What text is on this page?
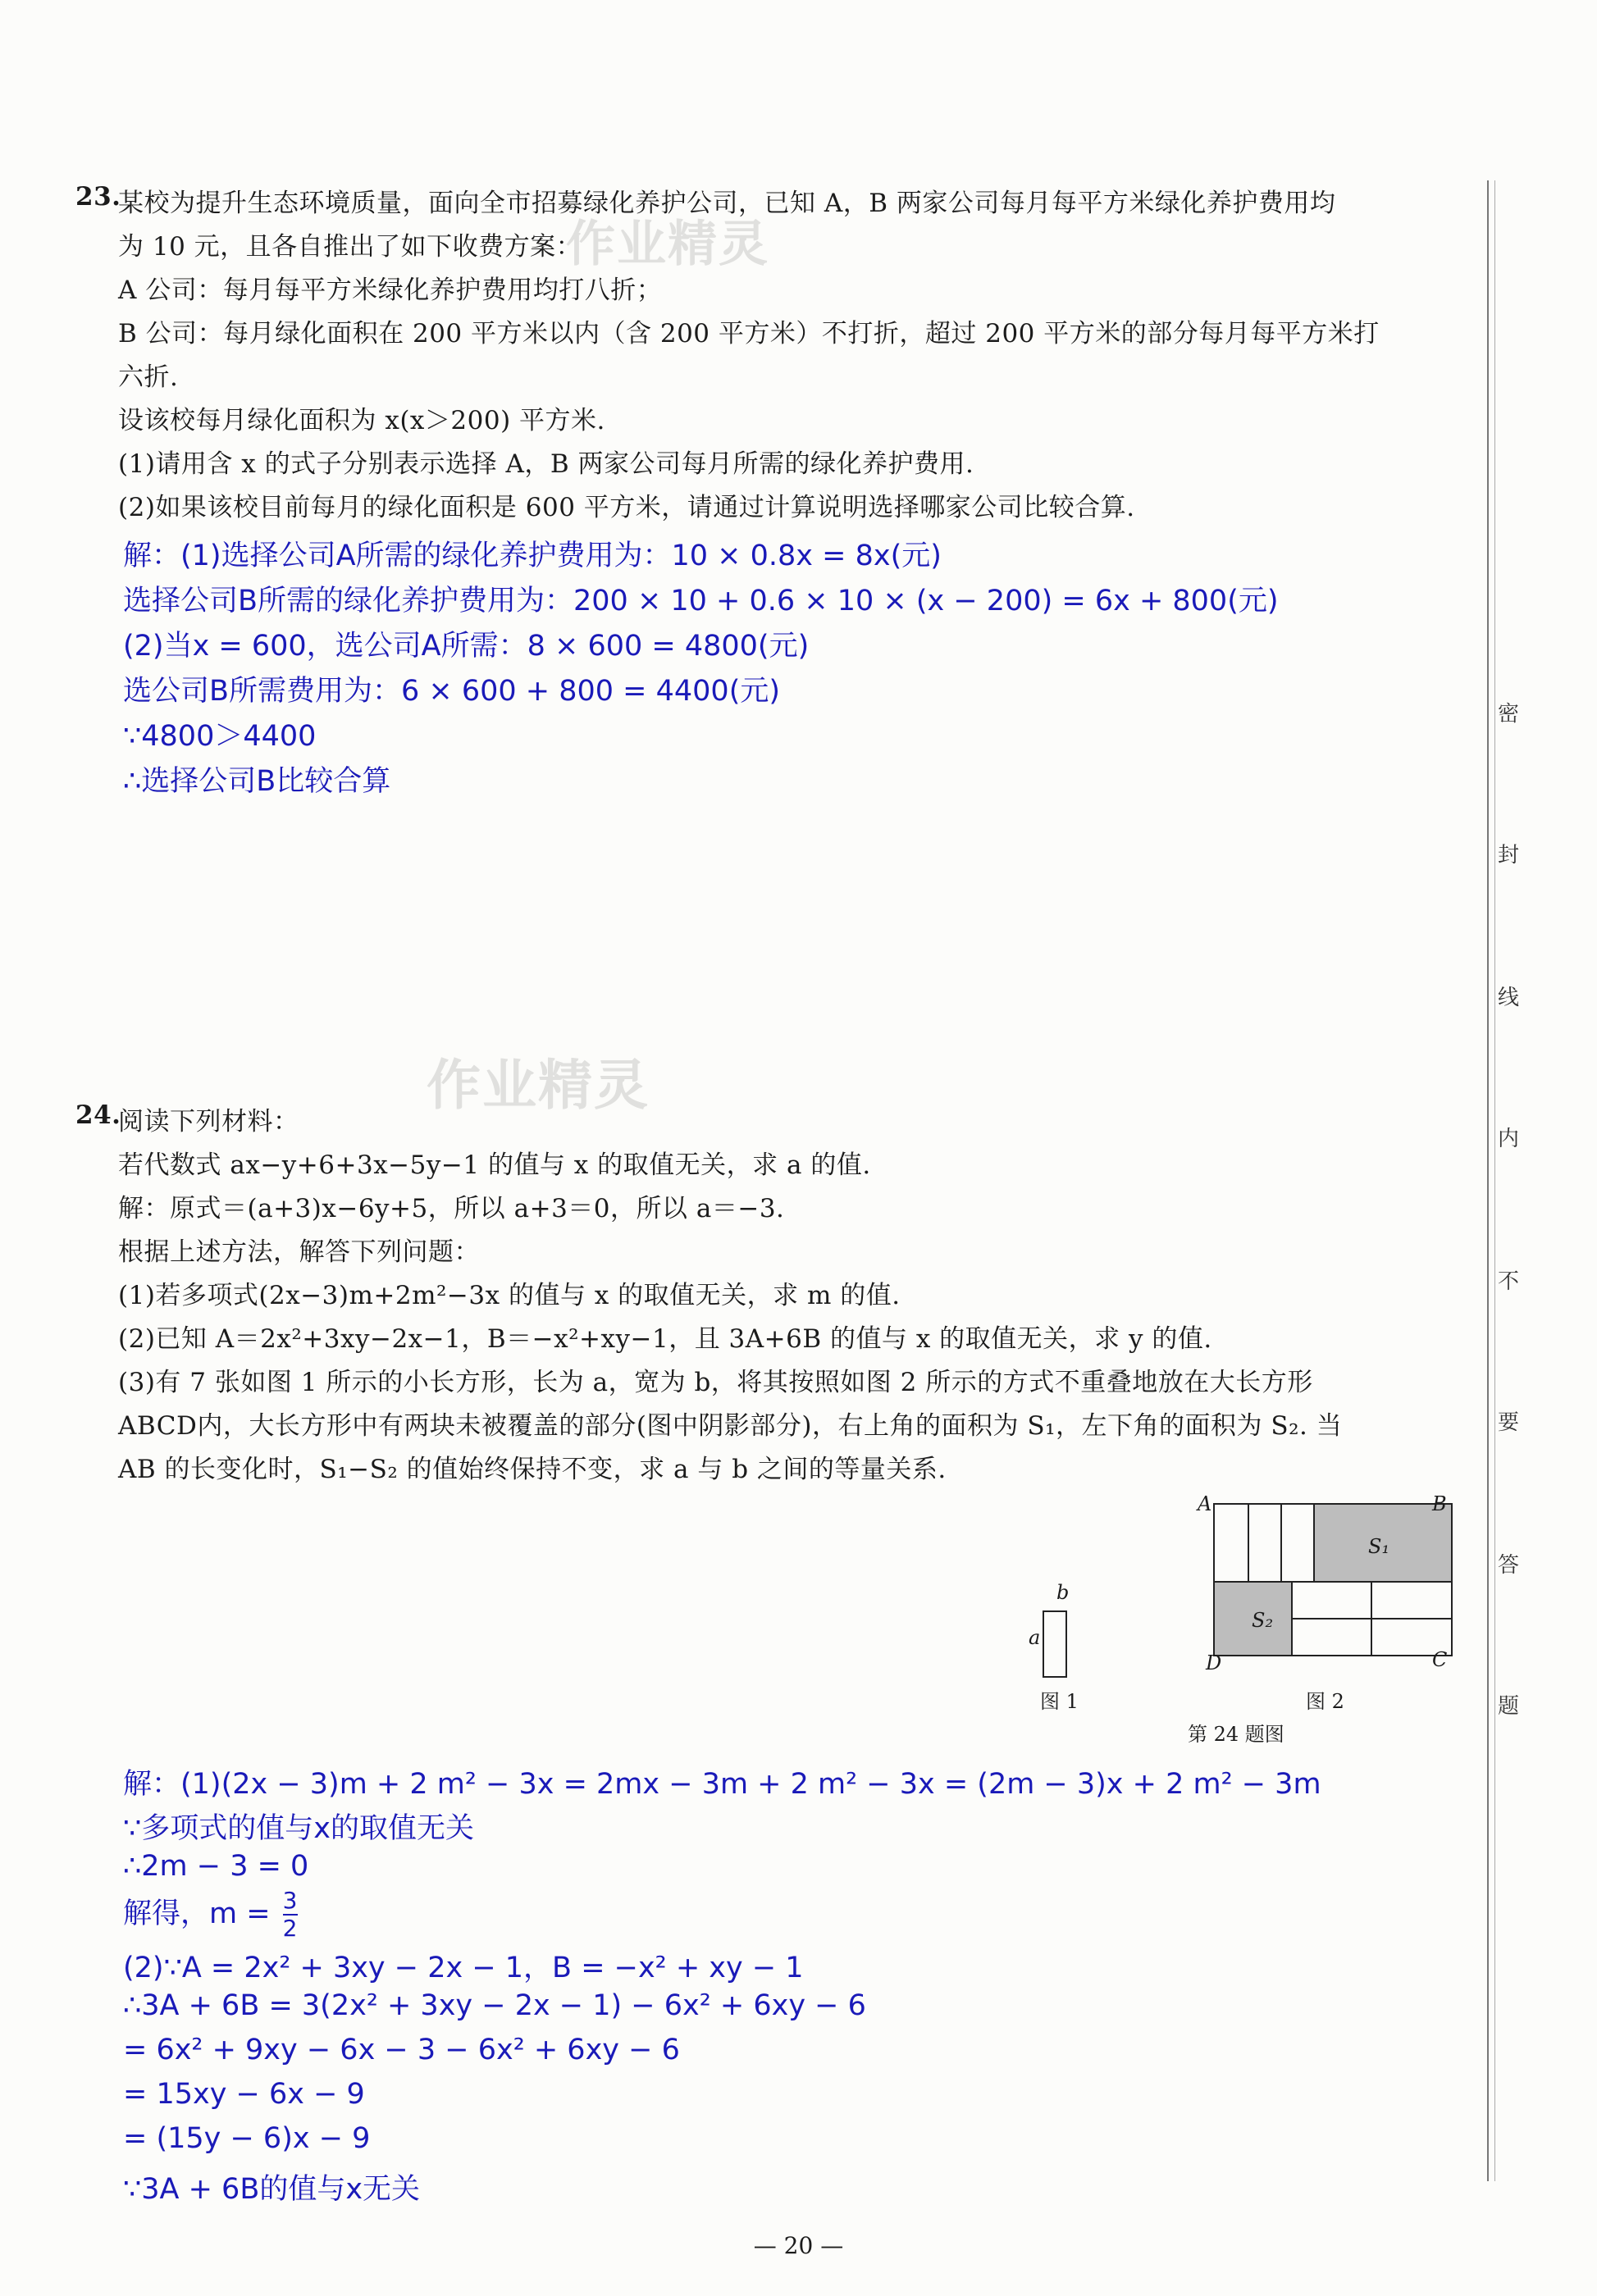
作业精灵
作业精灵
23.
某校为提升生态环境质量，面向全市招募绿化养护公司，已知 A，B 两家公司每月每平方米绿化养护费用均
为 10 元，且各自推出了如下收费方案：
A 公司：每月每平方米绿化养护费用均打八折；
B 公司：每月绿化面积在 200 平方米以内（含 200 平方米）不打折，超过 200 平方米的部分每月每平方米打
六折.
设该校每月绿化面积为 x(x＞200) 平方米.
(1)请用含 x 的式子分别表示选择 A，B 两家公司每月所需的绿化养护费用.
(2)如果该校目前每月的绿化面积是 600 平方米，请通过计算说明选择哪家公司比较合算.
解：(1)选择公司A所需的绿化养护费用为：10 × 0.8x = 8x(元)
选择公司B所需的绿化养护费用为：200 × 10 + 0.6 × 10 × (x − 200) = 6x + 800(元)
(2)当x = 600，选公司A所需：8 × 600 = 4800(元)
选公司B所需费用为：6 × 600 + 800 = 4400(元)
∵4800＞4400
∴选择公司B比较合算
24.
阅读下列材料：
若代数式 ax−y+6+3x−5y−1 的值与 x 的取值无关，求 a 的值.
解：原式＝(a+3)x−6y+5，所以 a+3＝0，所以 a＝−3.
根据上述方法，解答下列问题：
(1)若多项式(2x−3)m+2m²−3x 的值与 x 的取值无关，求 m 的值.
(2)已知 A＝2x²+3xy−2x−1，B＝−x²+xy−1，且 3A+6B 的值与 x 的取值无关，求 y 的值.
(3)有 7 张如图 1 所示的小长方形，长为 a，宽为 b，将其按照如图 2 所示的方式不重叠地放在大长方形
ABCD内，大长方形中有两块未被覆盖的部分(图中阴影部分)，右上角的面积为 S₁，左下角的面积为 S₂. 当
AB 的长变化时，S₁−S₂ 的值始终保持不变，求 a 与 b 之间的等量关系.
a
b
图 1
A	B
C
D
S₁
S₂
图 2
第 24 题图
解：(1)(2x − 3)m + 2 m² − 3x = 2mx − 3m + 2 m² − 3x = (2m − 3)x + 2 m² − 3m
∵多项式的值与x的取值无关
∴2m − 3 = 0
解得，$m = \frac{3}{2}$
(2)∵A = 2x² + 3xy − 2x − 1，B = −x² + xy − 1
∴3A + 6B = 3(2x² + 3xy − 2x − 1) − 6x² + 6xy − 6
= 6x² + 9xy − 6x − 3 − 6x² + 6xy − 6
= 15xy − 6x − 9
= (15y − 6)x − 9
∵3A + 6B的值与x无关
密
封
线
内
不
要
答
题
— 20 —
